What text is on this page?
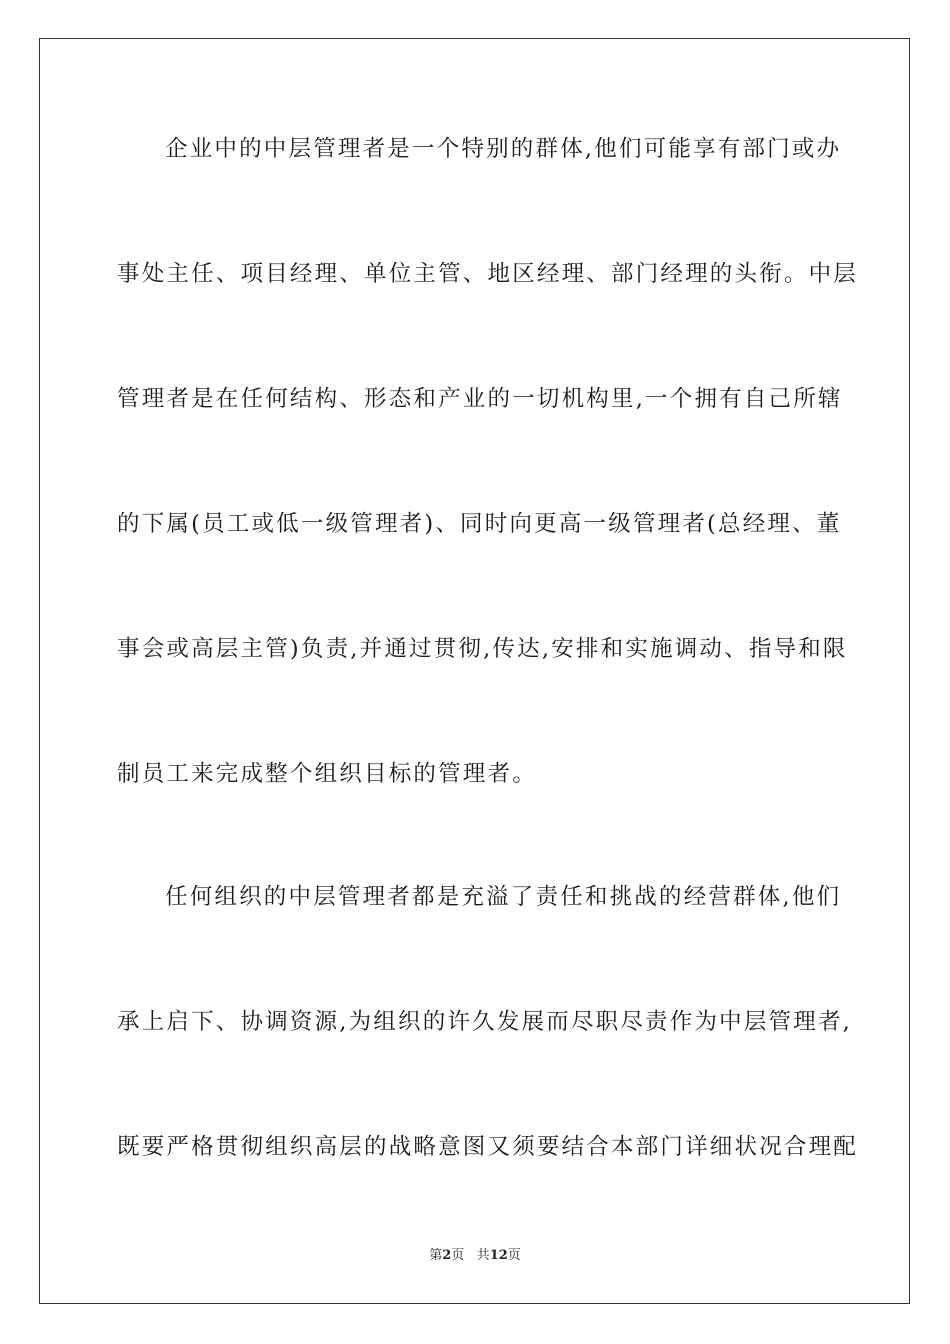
企业中的中层管理者是一个特别的群体,他们可能享有部门或办
事处主任、项目经理、单位主管、地区经理、部门经理的头衔。中层
管理者是在任何结构、形态和产业的一切机构里,一个拥有自己所辖
的下属(员工或低一级管理者)、同时向更高一级管理者(总经理、董
事会或高层主管)负责,并通过贯彻,传达,安排和实施调动、指导和限
制员工来完成整个组织目标的管理者。
任何组织的中层管理者都是充溢了责任和挑战的经营群体,他们
承上启下、协调资源,为组织的许久发展而尽职尽责作为中层管理者,
既要严格贯彻组织高层的战略意图又须要结合本部门详细状况合理配
第2页 共12页
